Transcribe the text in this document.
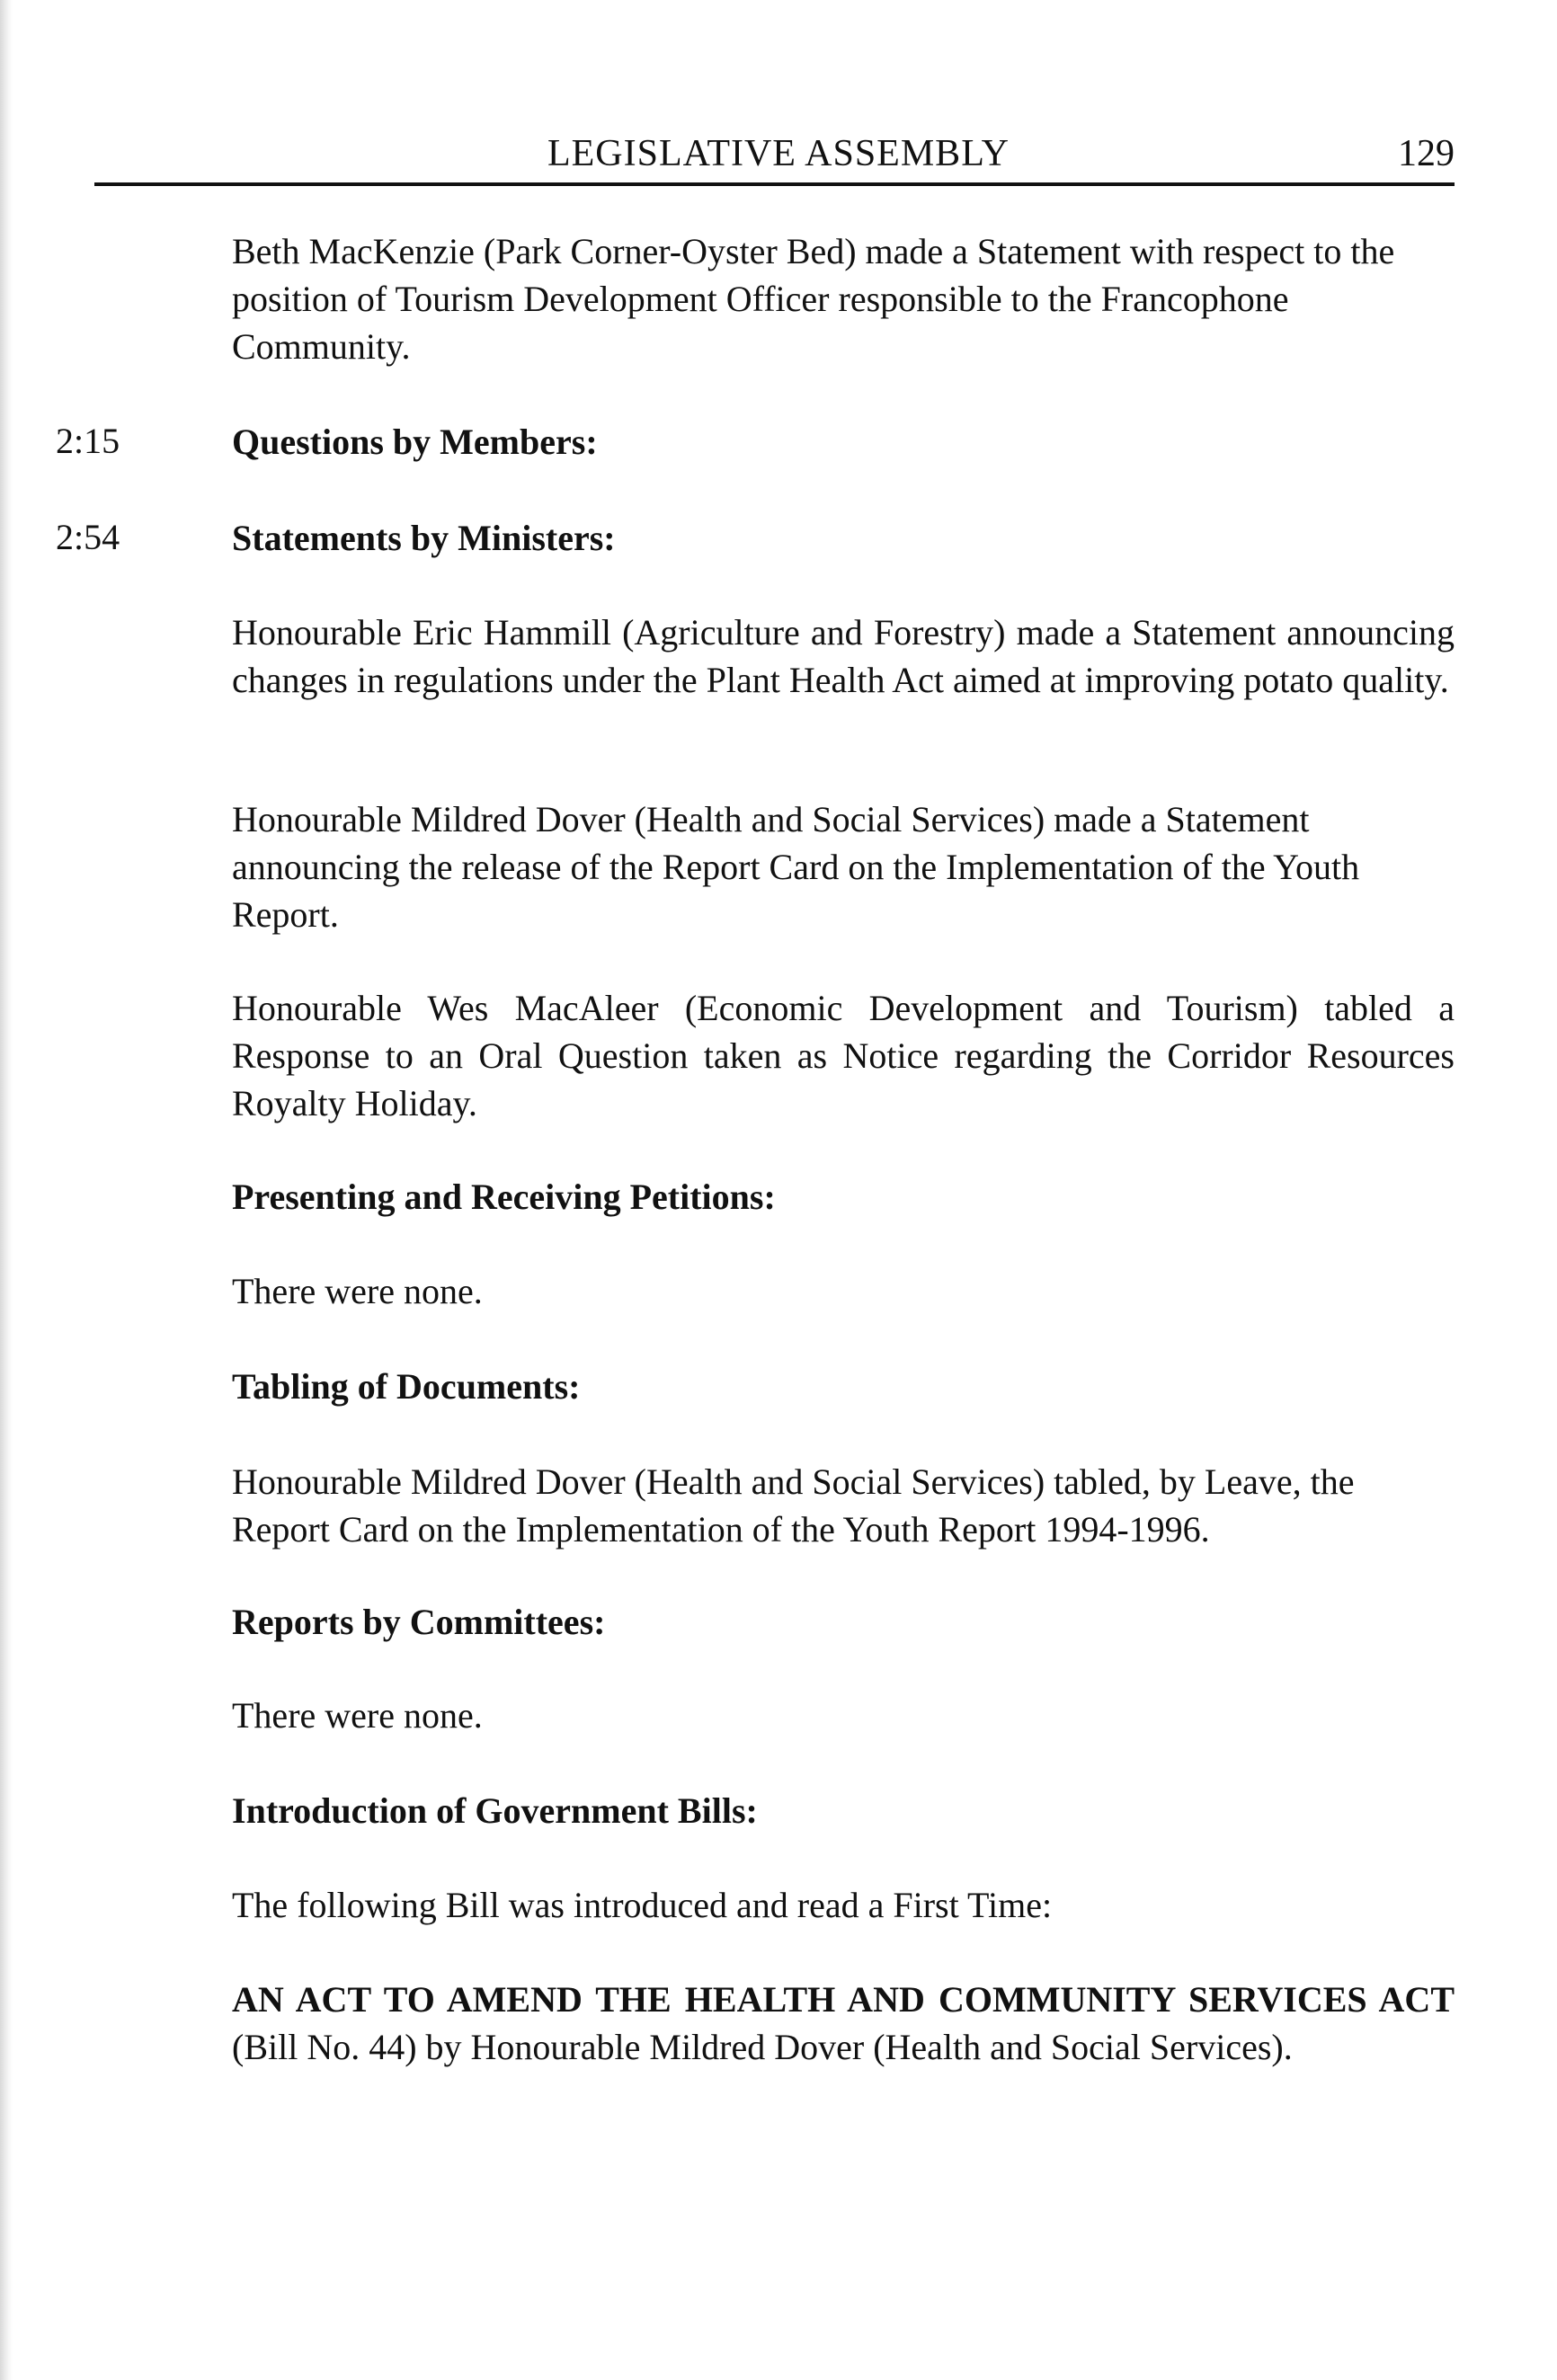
LEGISLATIVE ASSEMBLY	129
Beth MacKenzie (Park Corner-Oyster Bed) made a Statement with respect to the position of Tourism Development Officer responsible to the Francophone Community.
2:15	Questions by Members:
2:54	Statements by Ministers:
Honourable Eric Hammill (Agriculture and Forestry) made a Statement announcing changes in regulations under the Plant Health Act aimed at improving potato quality.
Honourable Mildred Dover (Health and Social Services) made a Statement announcing the release of the Report Card on the Implementation of the Youth Report.
Honourable Wes MacAleer (Economic Development and Tourism) tabled a Response to an Oral Question taken as Notice regarding the Corridor Resources Royalty Holiday.
Presenting and Receiving Petitions:
There were none.
Tabling of Documents:
Honourable Mildred Dover (Health and Social Services) tabled, by Leave, the Report Card on the Implementation of the Youth Report 1994-1996.
Reports by Committees:
There were none.
Introduction of Government Bills:
The following Bill was introduced and read a First Time:
AN ACT TO AMEND THE HEALTH AND COMMUNITY SERVICES ACT (Bill No. 44) by Honourable Mildred Dover (Health and Social Services).
